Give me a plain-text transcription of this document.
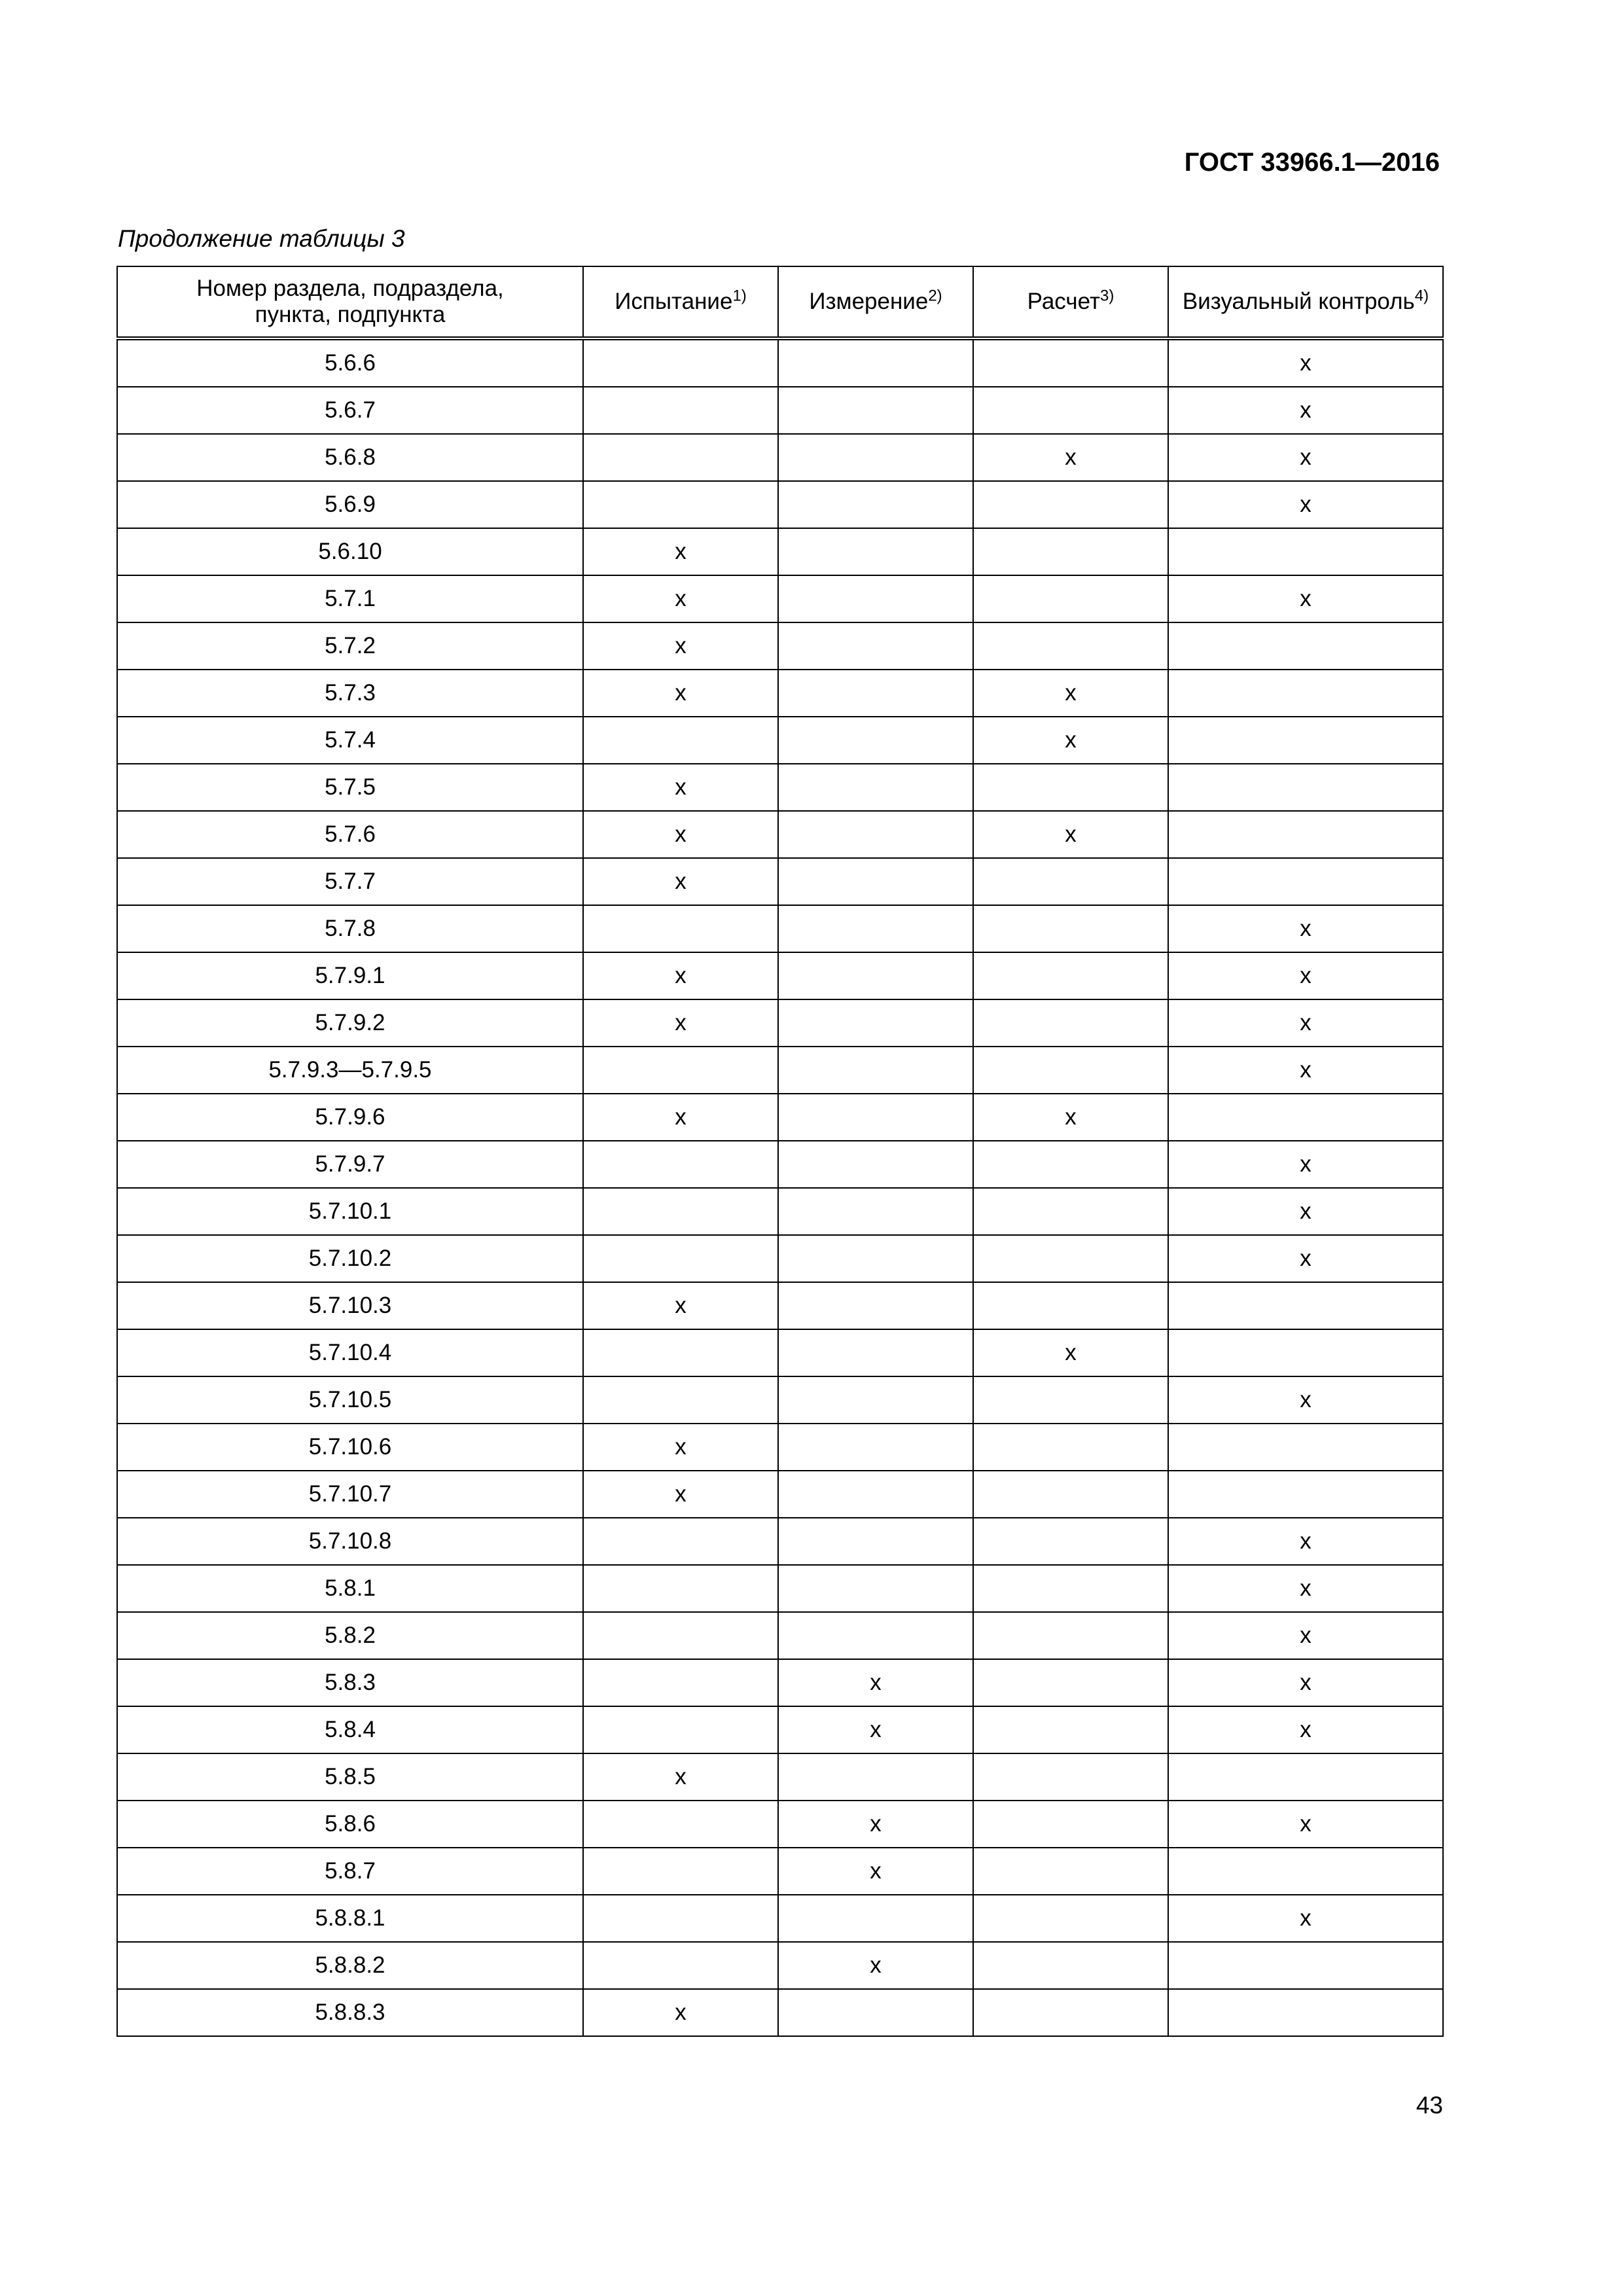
ГОСТ 33966.1—2016
Продолжение таблицы 3
Номер раздела, подраздела, пункта, подпункта	Испытание$^{1)}$	Измерение$^{2)}$	Расчет$^{3)}$	Визуальный контроль$^{4)}$
5.6.6				x
5.6.7				x
5.6.8			x	x
5.6.9				x
5.6.10	x			
5.7.1	x			x
5.7.2	x			
5.7.3	x		x	
5.7.4			x	
5.7.5	x			
5.7.6	x		x	
5.7.7	x			
5.7.8				x
5.7.9.1	x			x
5.7.9.2	x			x
5.7.9.3—5.7.9.5				x
5.7.9.6	x		x	
5.7.9.7				x
5.7.10.1				x
5.7.10.2				x
5.7.10.3	x			
5.7.10.4			x	
5.7.10.5				x
5.7.10.6	x			
5.7.10.7	x			
5.7.10.8				x
5.8.1				x
5.8.2				x
5.8.3		x		x
5.8.4		x		x
5.8.5	x			
5.8.6		x		x
5.8.7		x		
5.8.8.1				x
5.8.8.2		x		
5.8.8.3	x			
43
